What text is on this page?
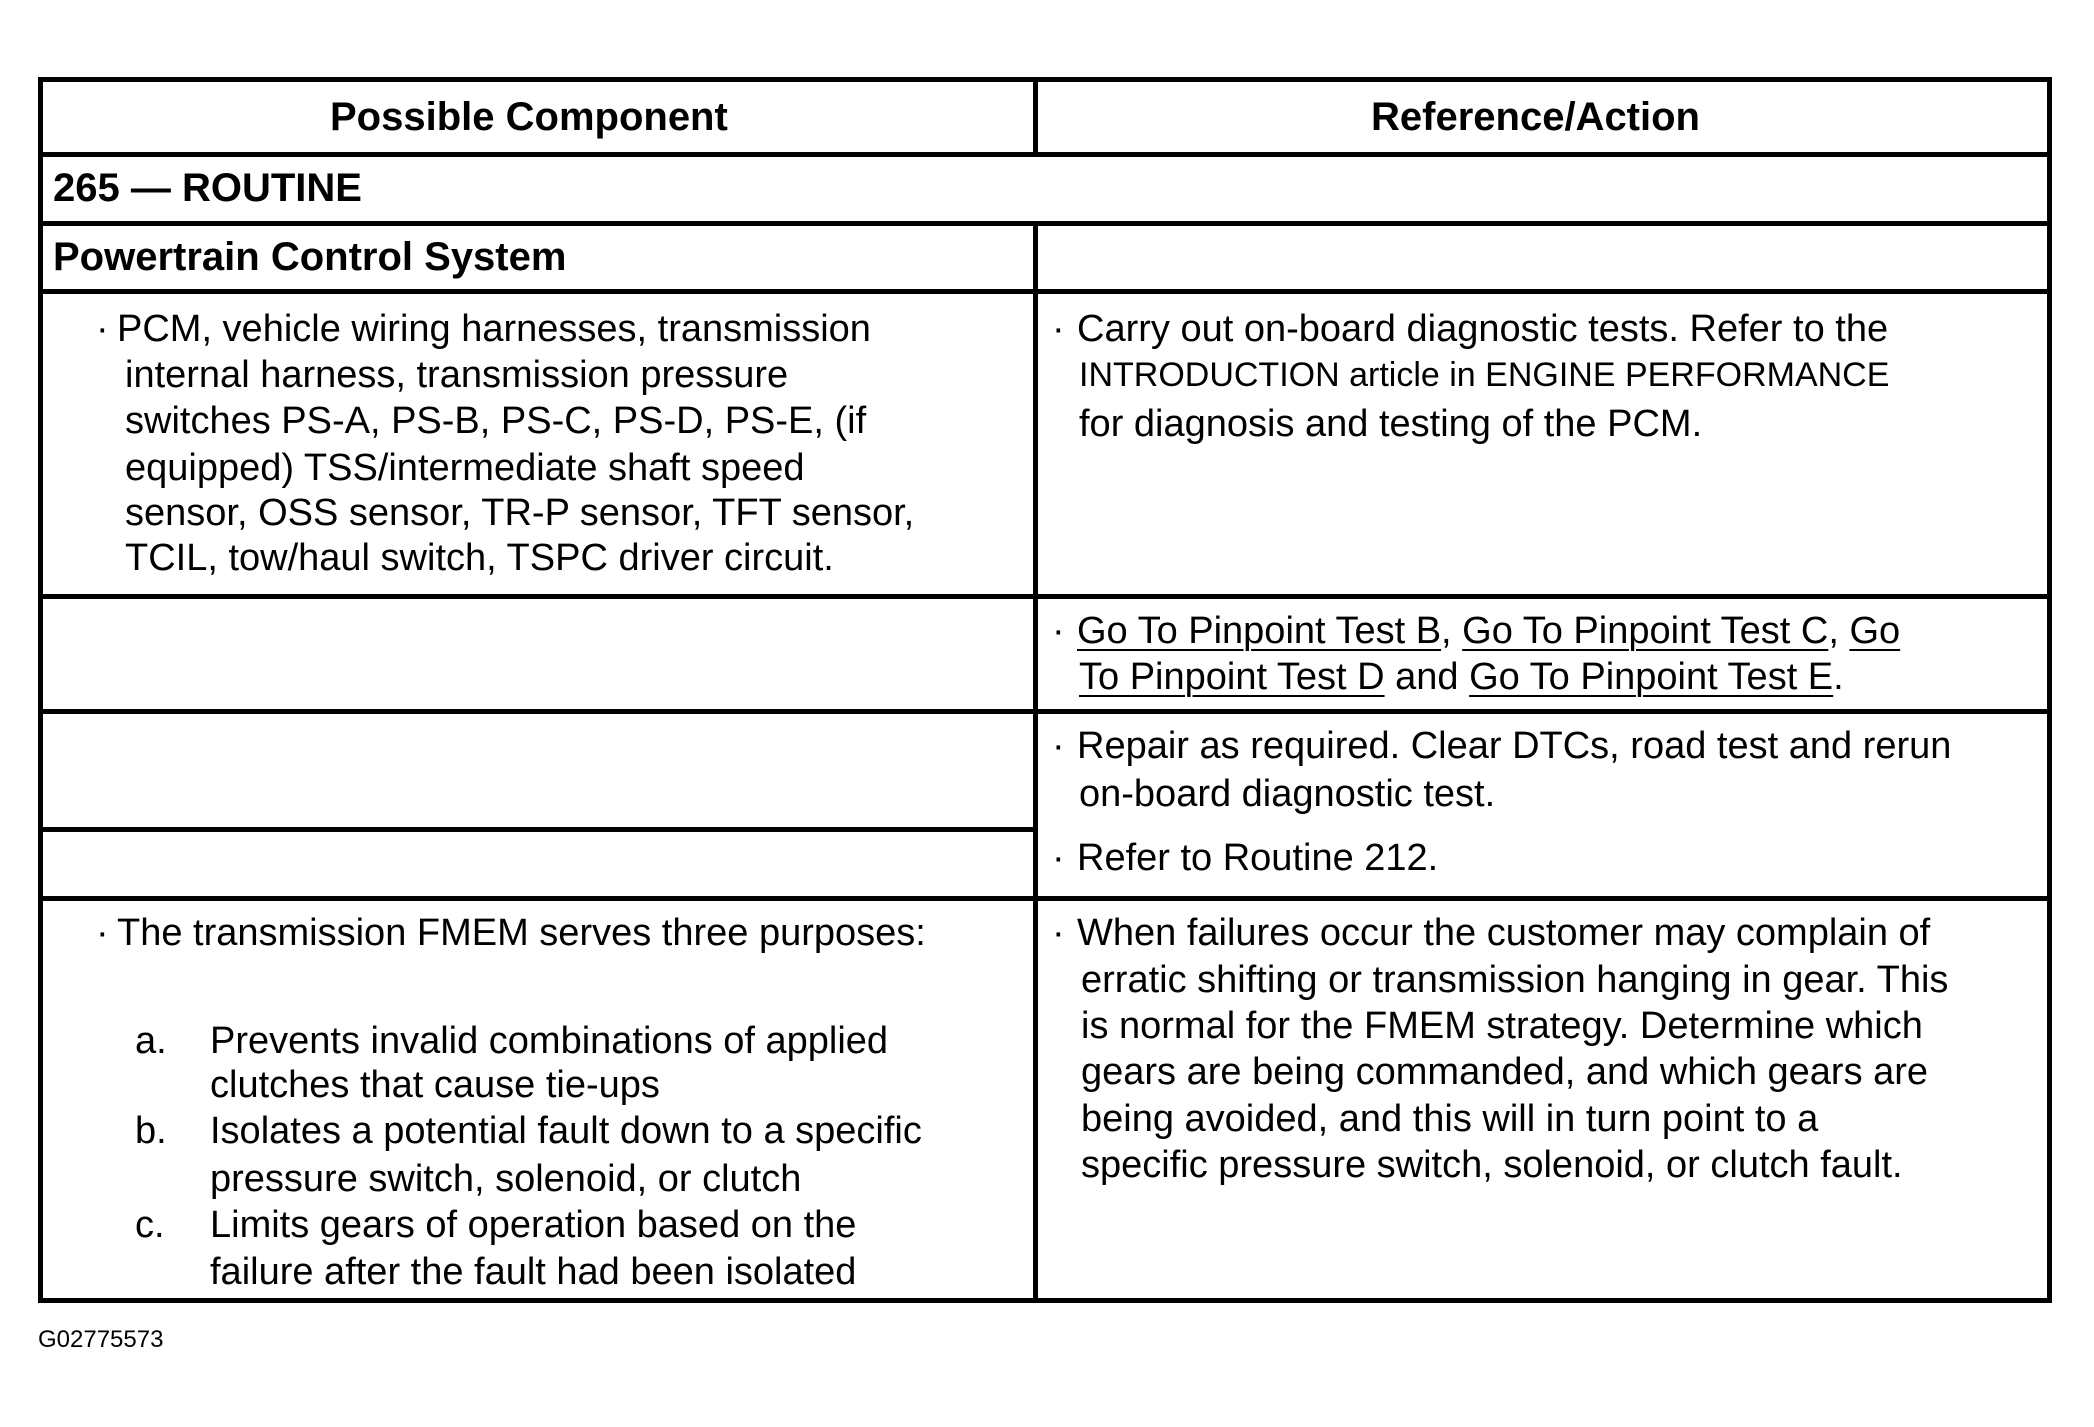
Possible Component	Reference/Action
265 — ROUTINE
Powertrain Control System
· PCM, vehicle wiring harnesses, transmission
internal harness, transmission pressure
switches PS-A, PS-B, PS-C, PS-D, PS-E, (if
equipped) TSS/intermediate shaft speed
sensor, OSS sensor, TR-P sensor, TFT sensor,
TCIL, tow/haul switch, TSPC driver circuit.
· Carry out on-board diagnostic tests. Refer to the
INTRODUCTION article in ENGINE PERFORMANCE
for diagnosis and testing of the PCM.
· Go To Pinpoint Test B, Go To Pinpoint Test C, Go
To Pinpoint Test D and Go To Pinpoint Test E.
· Repair as required. Clear DTCs, road test and rerun
on-board diagnostic test.
· Refer to Routine 212.
· The transmission FMEM serves three purposes:
a. Prevents invalid combinations of applied
clutches that cause tie-ups
b. Isolates a potential fault down to a specific
pressure switch, solenoid, or clutch
c. Limits gears of operation based on the
failure after the fault had been isolated
· When failures occur the customer may complain of
erratic shifting or transmission hanging in gear. This
is normal for the FMEM strategy. Determine which
gears are being commanded, and which gears are
being avoided, and this will in turn point to a
specific pressure switch, solenoid, or clutch fault.
G02775573
